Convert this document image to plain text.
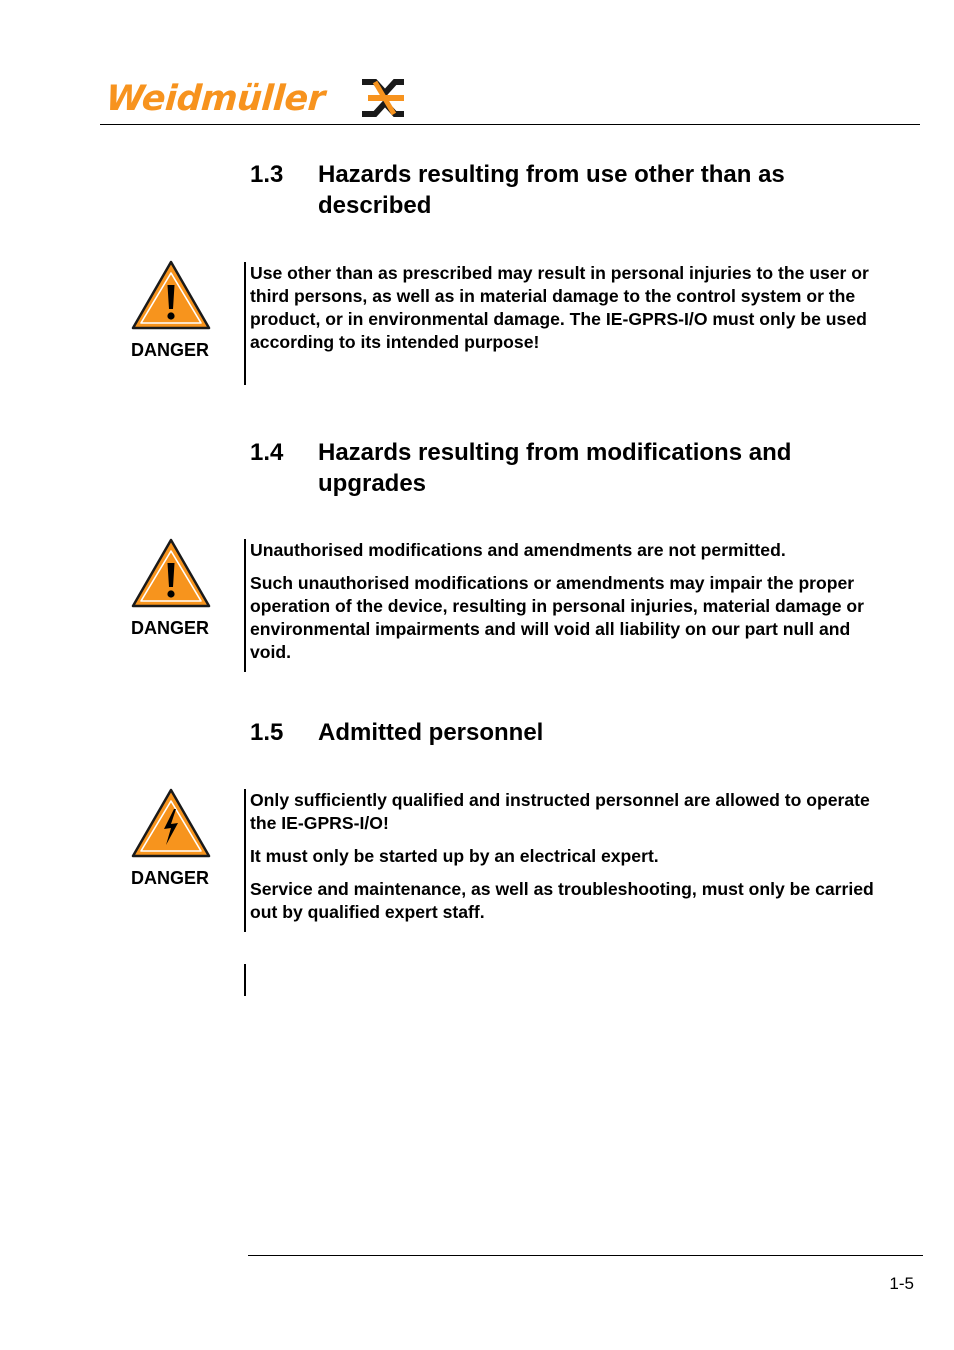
Weidmüller
1.3 Hazards resulting from use other than as described
DANGER

Use other than as prescribed may result in personal injuries to the user or third persons, as well as in material damage to the control system or the product, or in environmental damage. The IE-GPRS-I/O must only be used according to its intended purpose!

1.4 Hazards resulting from modifications and upgrades
DANGER

Unauthorised modifications and amendments are not permitted.

Such unauthorised modifications or amendments may impair the proper operation of the device, resulting in personal injuries, material damage or environmental impairments and will void all liability on our part null and void.

1.5 Admitted personnel
DANGER

Only sufficiently qualified and instructed personnel are allowed to operate the IE-GPRS-I/O!

It must only be started up by an electrical expert.

Service and maintenance, as well as troubleshooting, must only be carried out by qualified expert staff.

1-5
